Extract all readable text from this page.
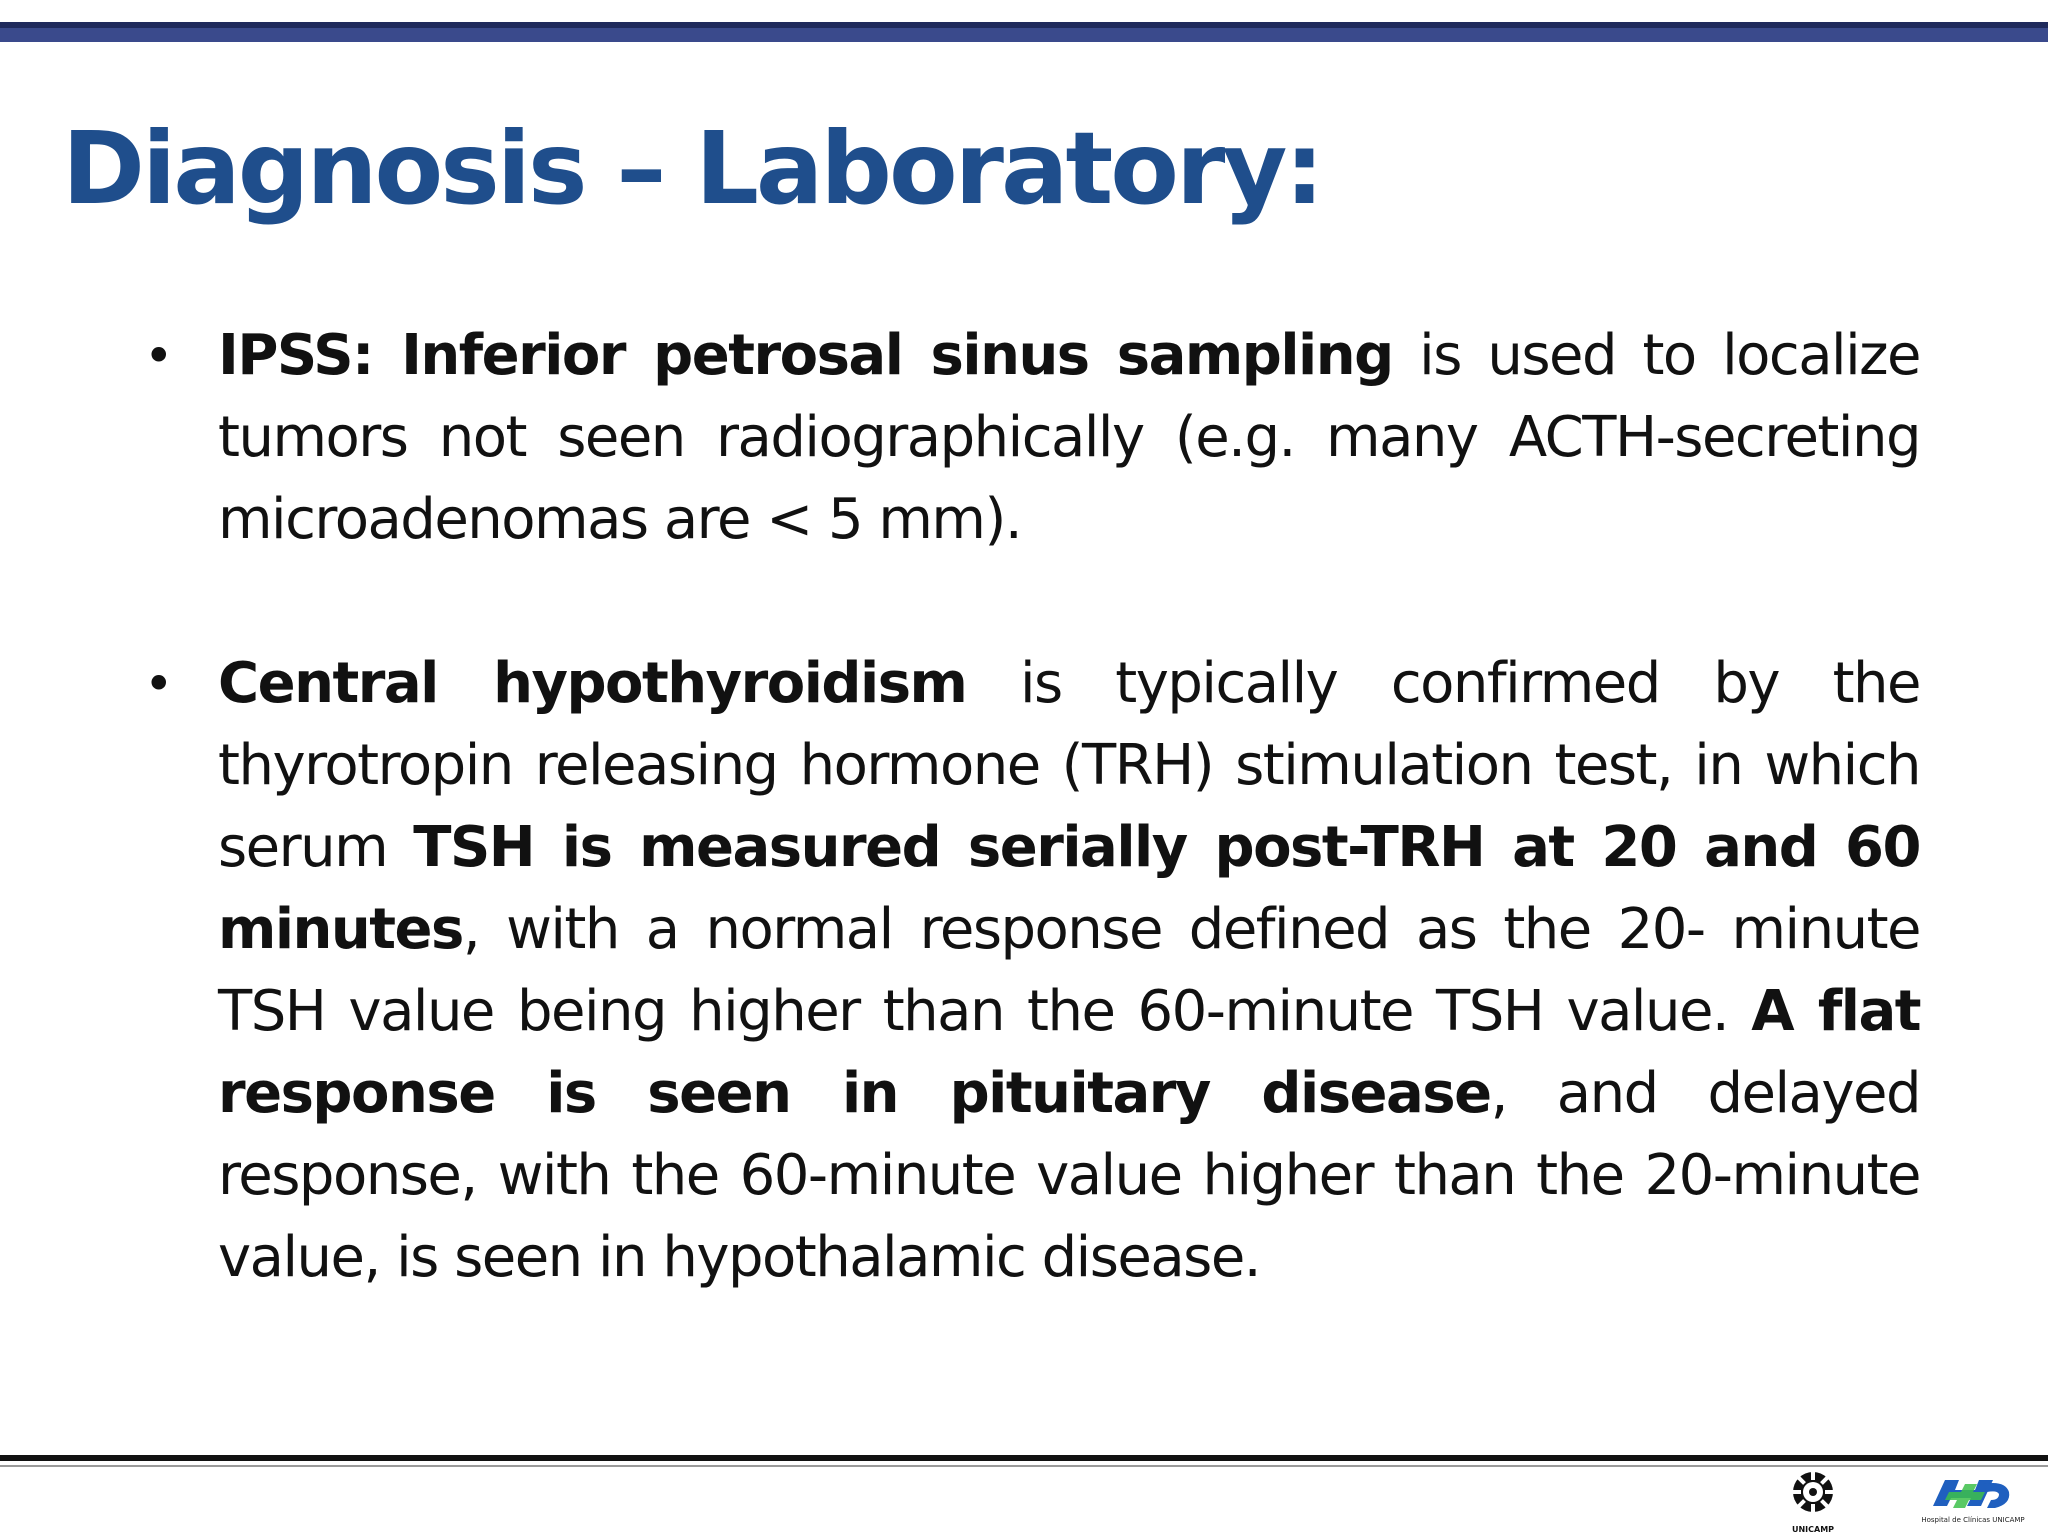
Diagnosis – Laboratory:
• IPSS: Inferior petrosal sinus sampling is used to localize tumors not seen radiographically (e.g. many ACTH-secreting microadenomas are < 5 mm).
• Central hypothyroidism is typically confirmed by the thyrotropin releasing hormone (TRH) stimulation test, in which serum TSH is measured serially post-TRH at 20 and 60 minutes, with a normal response defined as the 20- minute TSH value being higher than the 60-minute TSH value. A flat response is seen in pituitary disease, and delayed response, with the 60-minute value higher than the 20-minute value, is seen in hypothalamic disease.
UNICAMP
Hospital de Clínicas UNICAMP
